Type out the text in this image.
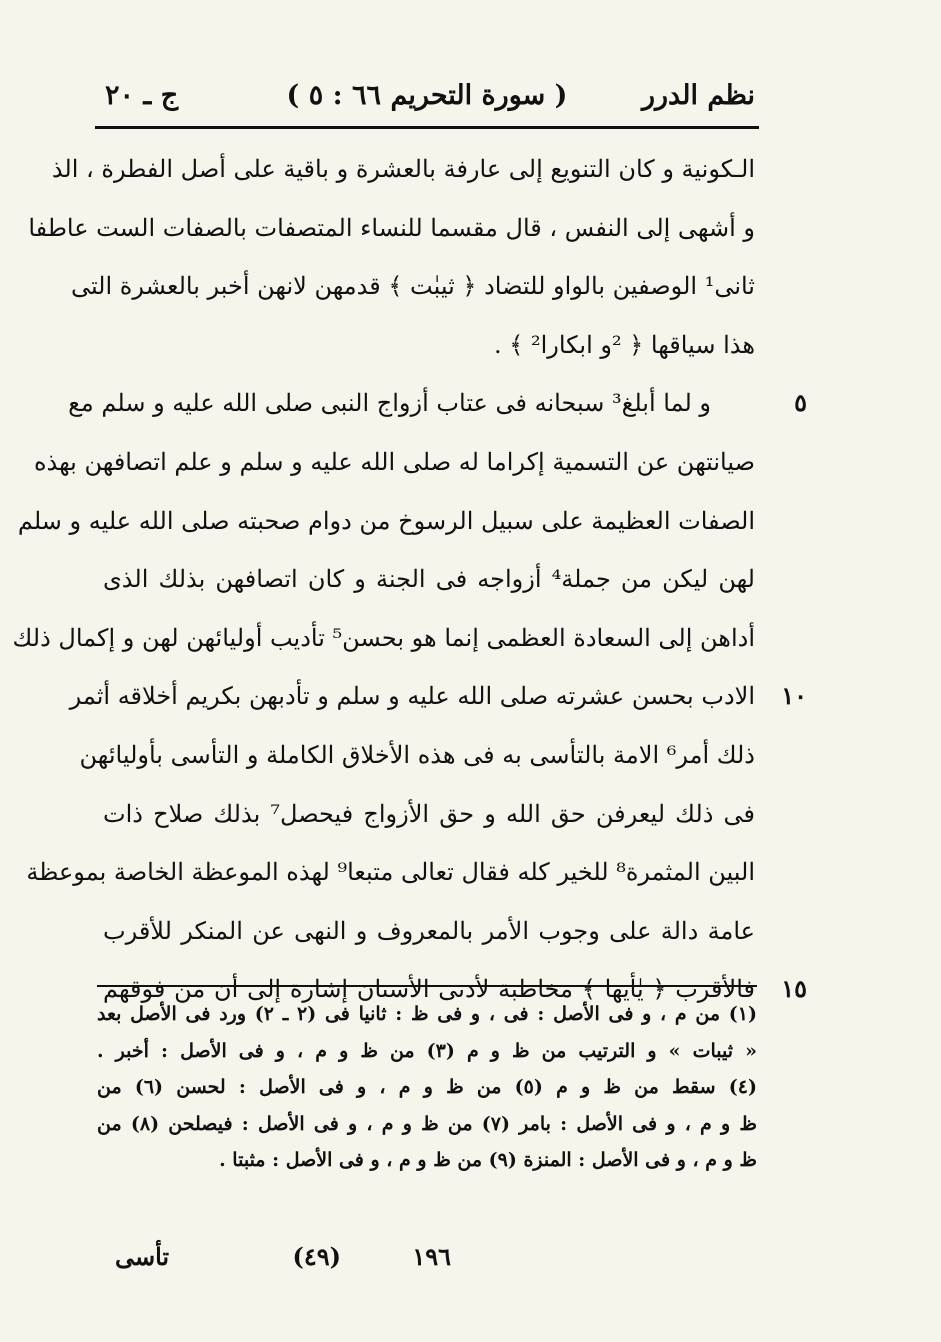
نظم الدرر
( سورة التحريم ٦٦ : ٥ )
ج ـ ٢٠
الـكونية و كان التنويع إلى عارفة بالعشرة و باقية على أصل الفطرة ، الذ
و أشهى إلى النفس ، قال مقسما للنساء المتصفات بالصفات الست عاطفا
ثانى¹ الوصفين بالواو للتضاد ﴿ ثيبٰت ﴾ قدمهن لانهن أخبر بالعشرة التى
هذا سياقها ﴿ ²و ابكارا² ﴾ .
٥
و لما أبلغ³ سبحانه فى عتاب أزواج النبى صلى الله عليه و سلم مع
صيانتهن عن التسمية إكراما له صلى الله عليه و سلم و علم اتصافهن بهذه
الصفات العظيمة على سبيل الرسوخ من دوام صحبته صلى الله عليه و سلم
لهن ليكن من جملة⁴ أزواجه فى الجنة و كان اتصافهن بذلك الذى
أداهن إلى السعادة العظمى إنما هو بحسن⁵ تأديب أوليائهن لهن و إكمال ذلك
١٠
الادب بحسن عشرته صلى الله عليه و سلم و تأدبهن بكريم أخلاقه أثمر
ذلك أمر⁶ الامة بالتأسى به فى هذه الأخلاق الكاملة و التأسى بأوليائهن
فى ذلك ليعرفن حق الله و حق الأزواج فيحصل⁷ بذلك صلاح ذات
البين المثمرة⁸ للخير كله فقال تعالى متبعا⁹ لهذه الموعظة الخاصة بموعظة
عامة دالة على وجوب الأمر بالمعروف و النهى عن المنكر للأقرب
١٥
فالأقرب ﴿ يٰأيها ﴾ مخاطبة لأدنى الأسنان إشارة إلى أن من فوقهم
(١) من م ، و فى الأصل : فى ، و فى ظ : ثانيا فى (٢ ـ ٢) ورد فى الأصل بعد
« ثيبات » و الترتيب من ظ و م (٣) من ظ و م ، و فى الأصل : أخبر .
(٤) سقط من ظ و م (٥) من ظ و م ، و فى الأصل : لحسن (٦) من
ظ و م ، و فى الأصل : بامر (٧) من ظ و م ، و فى الأصل : فيصلحن (٨) من
ظ و م ، و فى الأصل : المنزة (٩) من ظ و م ، و فى الأصل : مثبتا .
١٩٦
(٤٩)
تأسى
